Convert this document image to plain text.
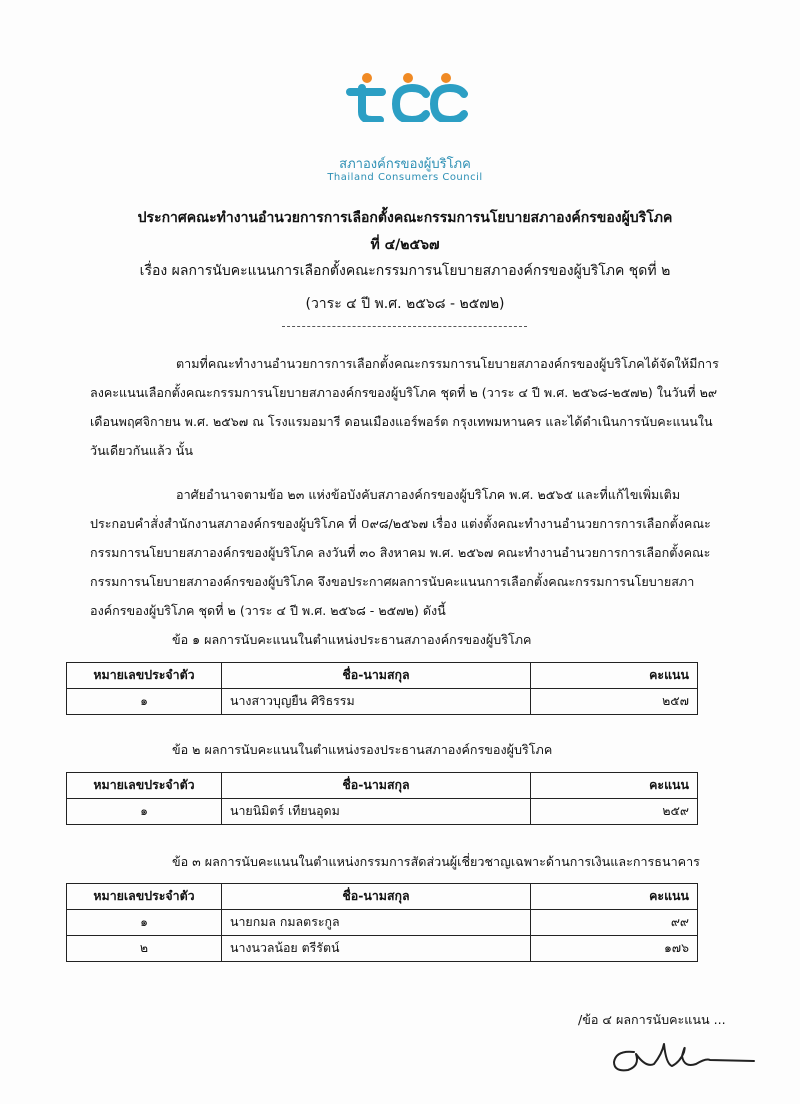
สภาองค์กรของผู้บริโภค
Thailand Consumers Council
ประกาศคณะทำงานอำนวยการการเลือกตั้งคณะกรรมการนโยบายสภาองค์กรของผู้บริโภค
ที่ ๔/๒๕๖๗
เรื่อง ผลการนับคะแนนการเลือกตั้งคณะกรรมการนโยบายสภาองค์กรของผู้บริโภค ชุดที่ ๒
(วาระ ๔ ปี พ.ศ. ๒๕๖๘ - ๒๕๗๒)
ตามที่คณะทำงานอำนวยการการเลือกตั้งคณะกรรมการนโยบายสภาองค์กรของผู้บริโภคได้จัดให้มีการลงคะแนนเลือกตั้งคณะกรรมการนโยบายสภาองค์กรของผู้บริโภค ชุดที่ ๒ (วาระ ๔ ปี พ.ศ. ๒๕๖๘-๒๕๗๒) ในวันที่ ๒๙ เดือนพฤศจิกายน พ.ศ. ๒๕๖๗ ณ โรงแรมอมารี ดอนเมืองแอร์พอร์ต กรุงเทพมหานคร และได้ดำเนินการนับคะแนนในวันเดียวกันแล้ว นั้น
อาศัยอำนาจตามข้อ ๒๓ แห่งข้อบังคับสภาองค์กรของผู้บริโภค พ.ศ. ๒๕๖๕ และที่แก้ไขเพิ่มเติม ประกอบคำสั่งสำนักงานสภาองค์กรของผู้บริโภค ที่ ០๙๘/๒๕๖๗ เรื่อง แต่งตั้งคณะทำงานอำนวยการการเลือกตั้งคณะกรรมการนโยบายสภาองค์กรของผู้บริโภค ลงวันที่ ๓๐ สิงหาคม พ.ศ. ๒๕๖๗ คณะทำงานอำนวยการการเลือกตั้งคณะกรรมการนโยบายสภาองค์กรของผู้บริโภค จึงขอประกาศผลการนับคะแนนการเลือกตั้งคณะกรรมการนโยบายสภาองค์กรของผู้บริโภค ชุดที่ ๒ (วาระ ๔ ปี พ.ศ. ๒๕๖๘ - ๒๕๗๒) ดังนี้
ข้อ ๑ ผลการนับคะแนนในตำแหน่งประธานสภาองค์กรของผู้บริโภค
หมายเลขประจำตัว	ชื่อ-นามสกุล	คะแนน
๑	นางสาวบุญยืน ศิริธรรม	๒๕๗
ข้อ ๒ ผลการนับคะแนนในตำแหน่งรองประธานสภาองค์กรของผู้บริโภค
หมายเลขประจำตัว	ชื่อ-นามสกุล	คะแนน
๑	นายนิมิตร์ เทียนอุดม	๒๕๙
ข้อ ๓ ผลการนับคะแนนในตำแหน่งกรรมการสัดส่วนผู้เชี่ยวชาญเฉพาะด้านการเงินและการธนาคาร
หมายเลขประจำตัว	ชื่อ-นามสกุล	คะแนน
๑	นายกมล กมลตระกูล	๙๙
๒	นางนวลน้อย ตรีรัตน์	๑๗๖
/ข้อ ๔ ผลการนับคะแนน ...
